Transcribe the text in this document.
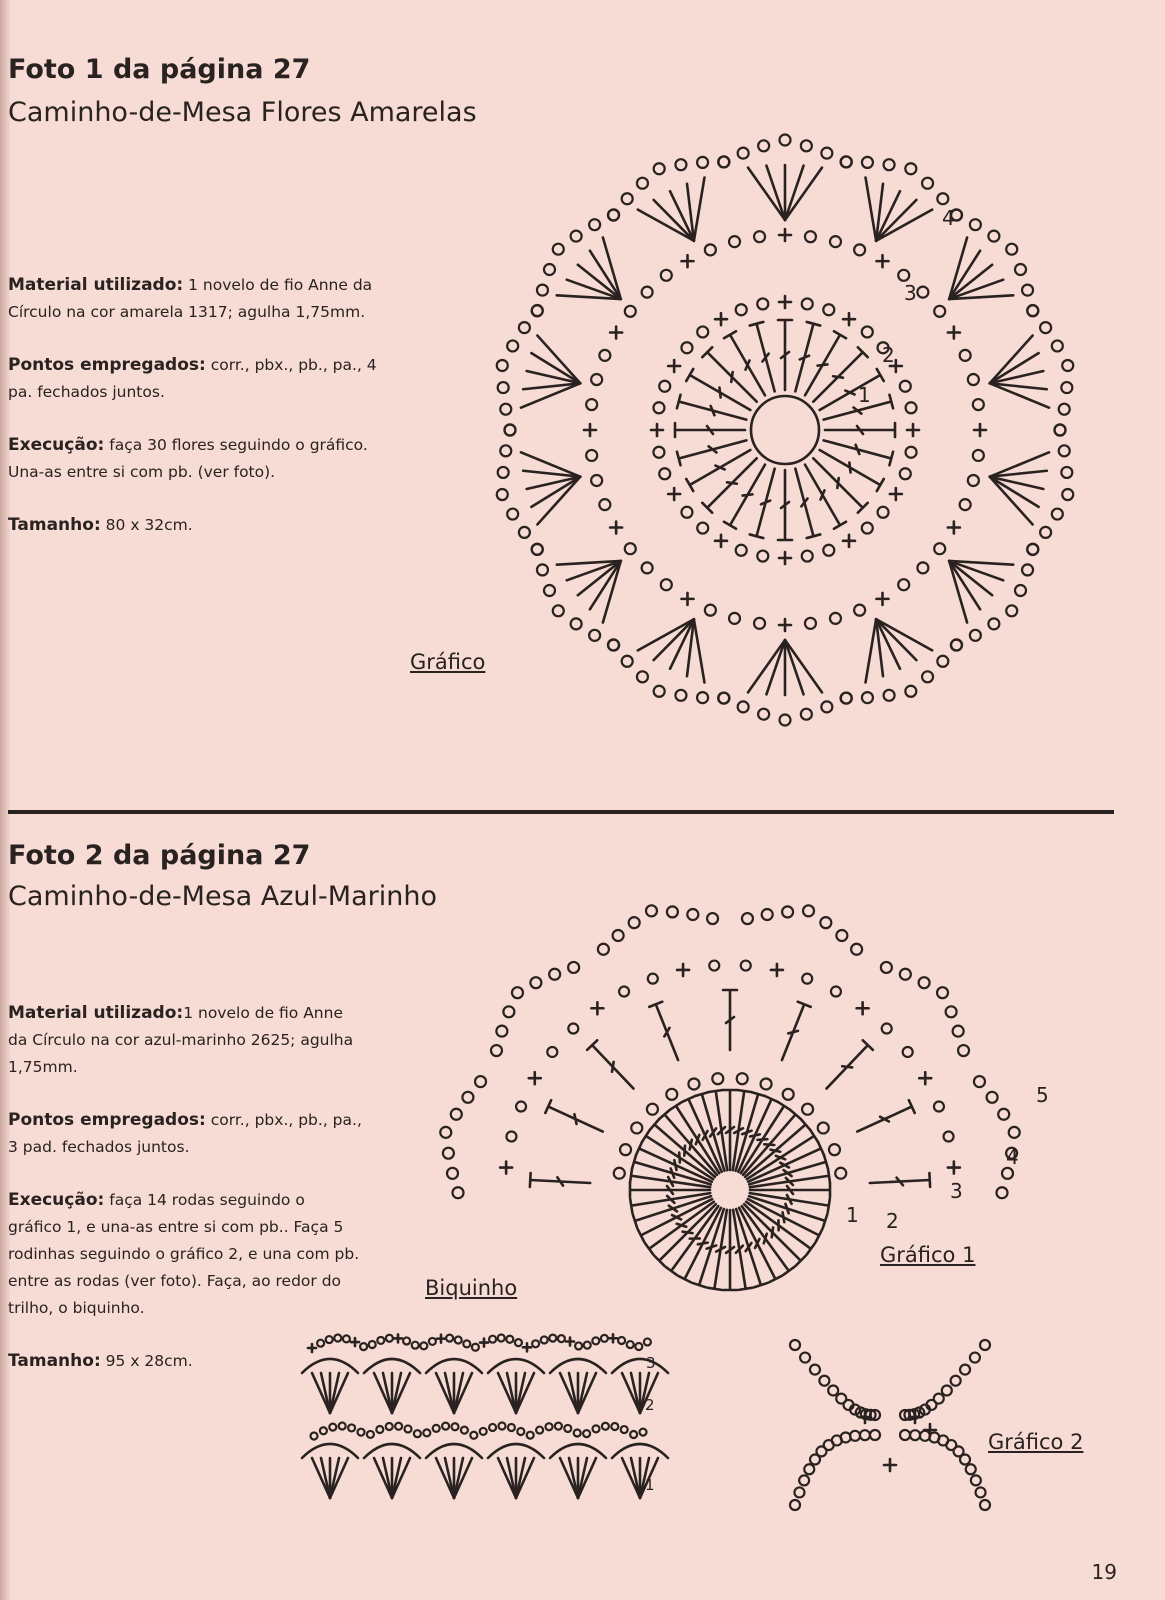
Foto 1 da página 27
Caminho-de-Mesa Flores Amarelas

Material utilizado: 1 novelo de fio Anne da Círculo na cor amarela 1317; agulha 1,75mm.

Pontos empregados: corr., pbx., pb., pa., 4 pa. fechados juntos.

Execução: faça 30 flores seguindo o gráfico. Una-as entre si com pb. (ver foto).

Tamanho: 80 x 32cm.

Gráfico
1
2
3
4
Foto 2 da página 27
Caminho-de-Mesa Azul-Marinho

Material utilizado:1 novelo de fio Anne da Círculo na cor azul-marinho 2625; agulha 1,75mm.

Pontos empregados: corr., pbx., pb., pa., 3 pad. fechados juntos.

Execução: faça 14 rodas seguindo o gráfico 1, e una-as entre si com pb.. Faça 5 rodinhas seguindo o gráfico 2, e una com pb. entre as rodas (ver foto). Faça, ao redor do trilho, o biquinho.

Tamanho: 95 x 28cm.

1 2
3
4
5
Gráfico 1
Biquinho
1
2
3
Gráfico 2
19
